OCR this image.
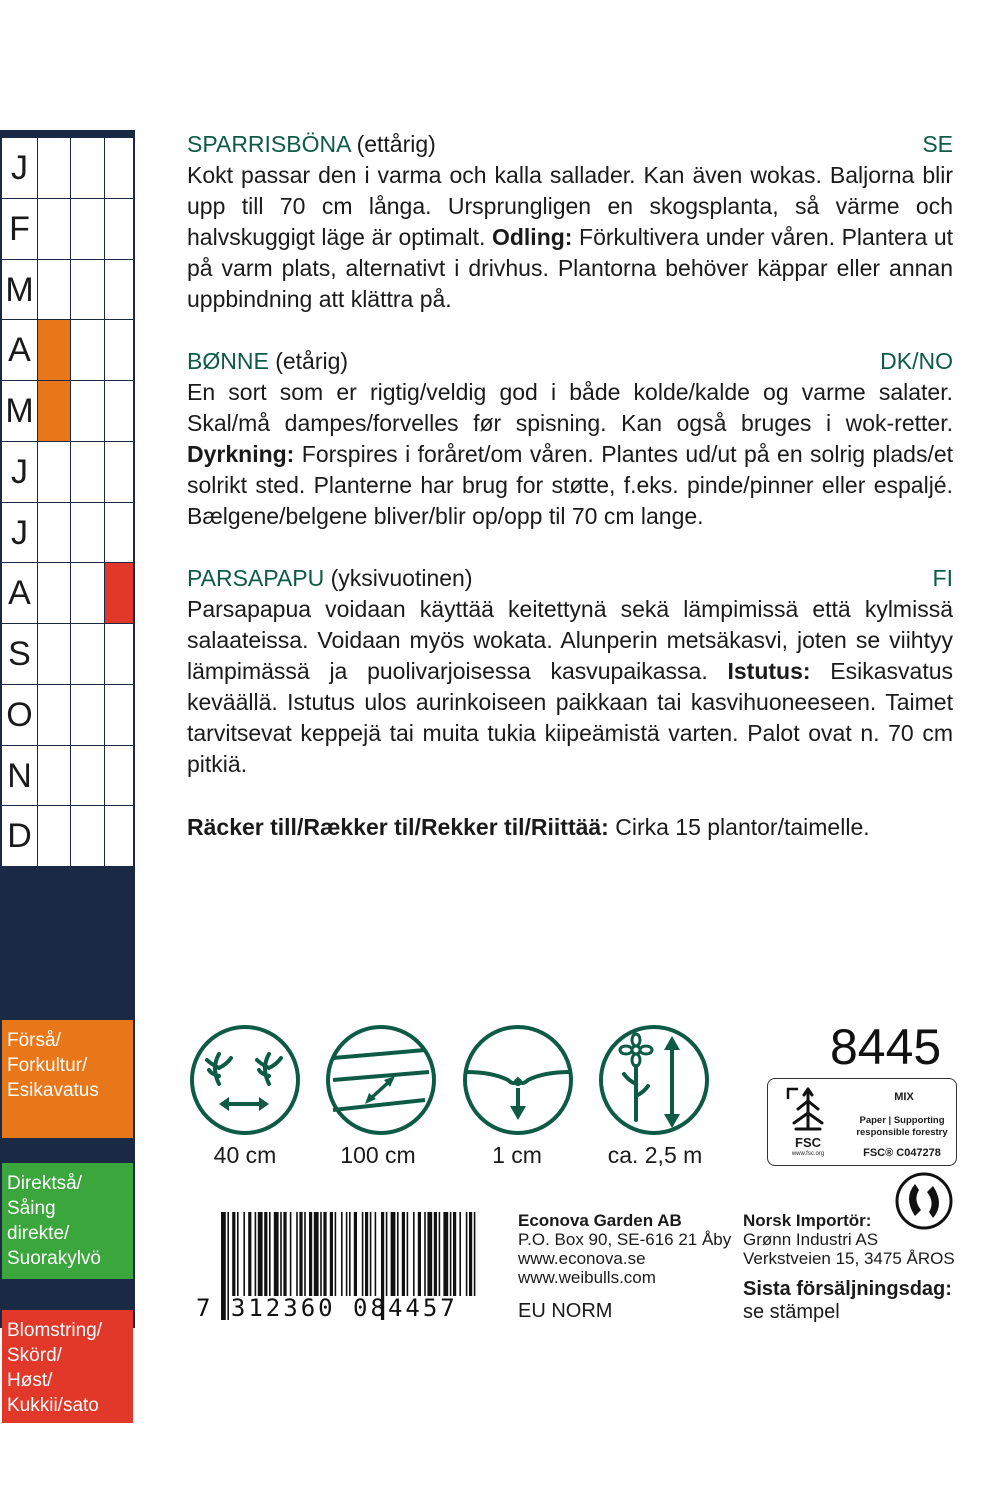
J
F
M
A
M
J
J
A
S
O
N
D
Förså/
Forkultur/
Esikavatus
Direktså/
Såing
direkte/
Suorakylvö
Blomstring/
Skörd/
Høst/
Kukkii/sato
SPARRISBÖNA (ettårig)	SE

Kokt passar den i varma och kalla sallader. Kan även wokas. Baljorna blir upp till 70 cm långa. Ursprungligen en skogsplanta, så värme och halvskuggigt läge är optimalt. Odling: Förkultivera under våren. Plantera ut på varm plats, alternativt i drivhus. Plantorna behöver käppar eller annan uppbindning att klättra på.

BØNNE (etårig)	DK/NO

En sort som er rigtig/veldig god i både kolde/kalde og varme salater. Skal/må dampes/forvelles før spisning. Kan også bruges i wok-retter. Dyrkning: Forspires i foråret/om våren. Plantes ud/ut på en solrig plads/et solrikt sted. Planterne har brug for støtte, f.eks. pinde/pinner eller espaljé. Bælgene/belgene bliver/blir op/opp til 70 cm lange.

PARSAPAPU (yksivuotinen)	FI

Parsapapua voidaan käyttää keitettynä sekä lämpimissä että kylmissä salaateissa. Voidaan myös wokata. Alunperin metsäkasvi, joten se viihtyy lämpimässä ja puolivarjoisessa kasvupaikassa. Istutus: Esikasvatus keväällä. Istutus ulos aurinkoiseen paikkaan tai kasvihuoneeseen. Taimet tarvitsevat keppejä tai muita tukia kiipeämistä varten. Palot ovat n. 70 cm pitkiä.

Räcker till/Rækker til/Rekker til/Riittää: Cirka 15 plantor/taimelle.

40 cm	100 cm	1 cm	ca. 2,5 m
8445
FSC
www.fsc.org
MIX
Paper | Supporting
responsible forestry
FSC® C047278
7 312360 084457
Econova Garden AB
P.O. Box 90, SE-616 21 Åby
www.econova.se
www.weibulls.com
Norsk Importör:
Grønn Industri AS
Verkstveien 15, 3475 ÅROS
EU NORM
Sista försäljningsdag:
se stämpel
